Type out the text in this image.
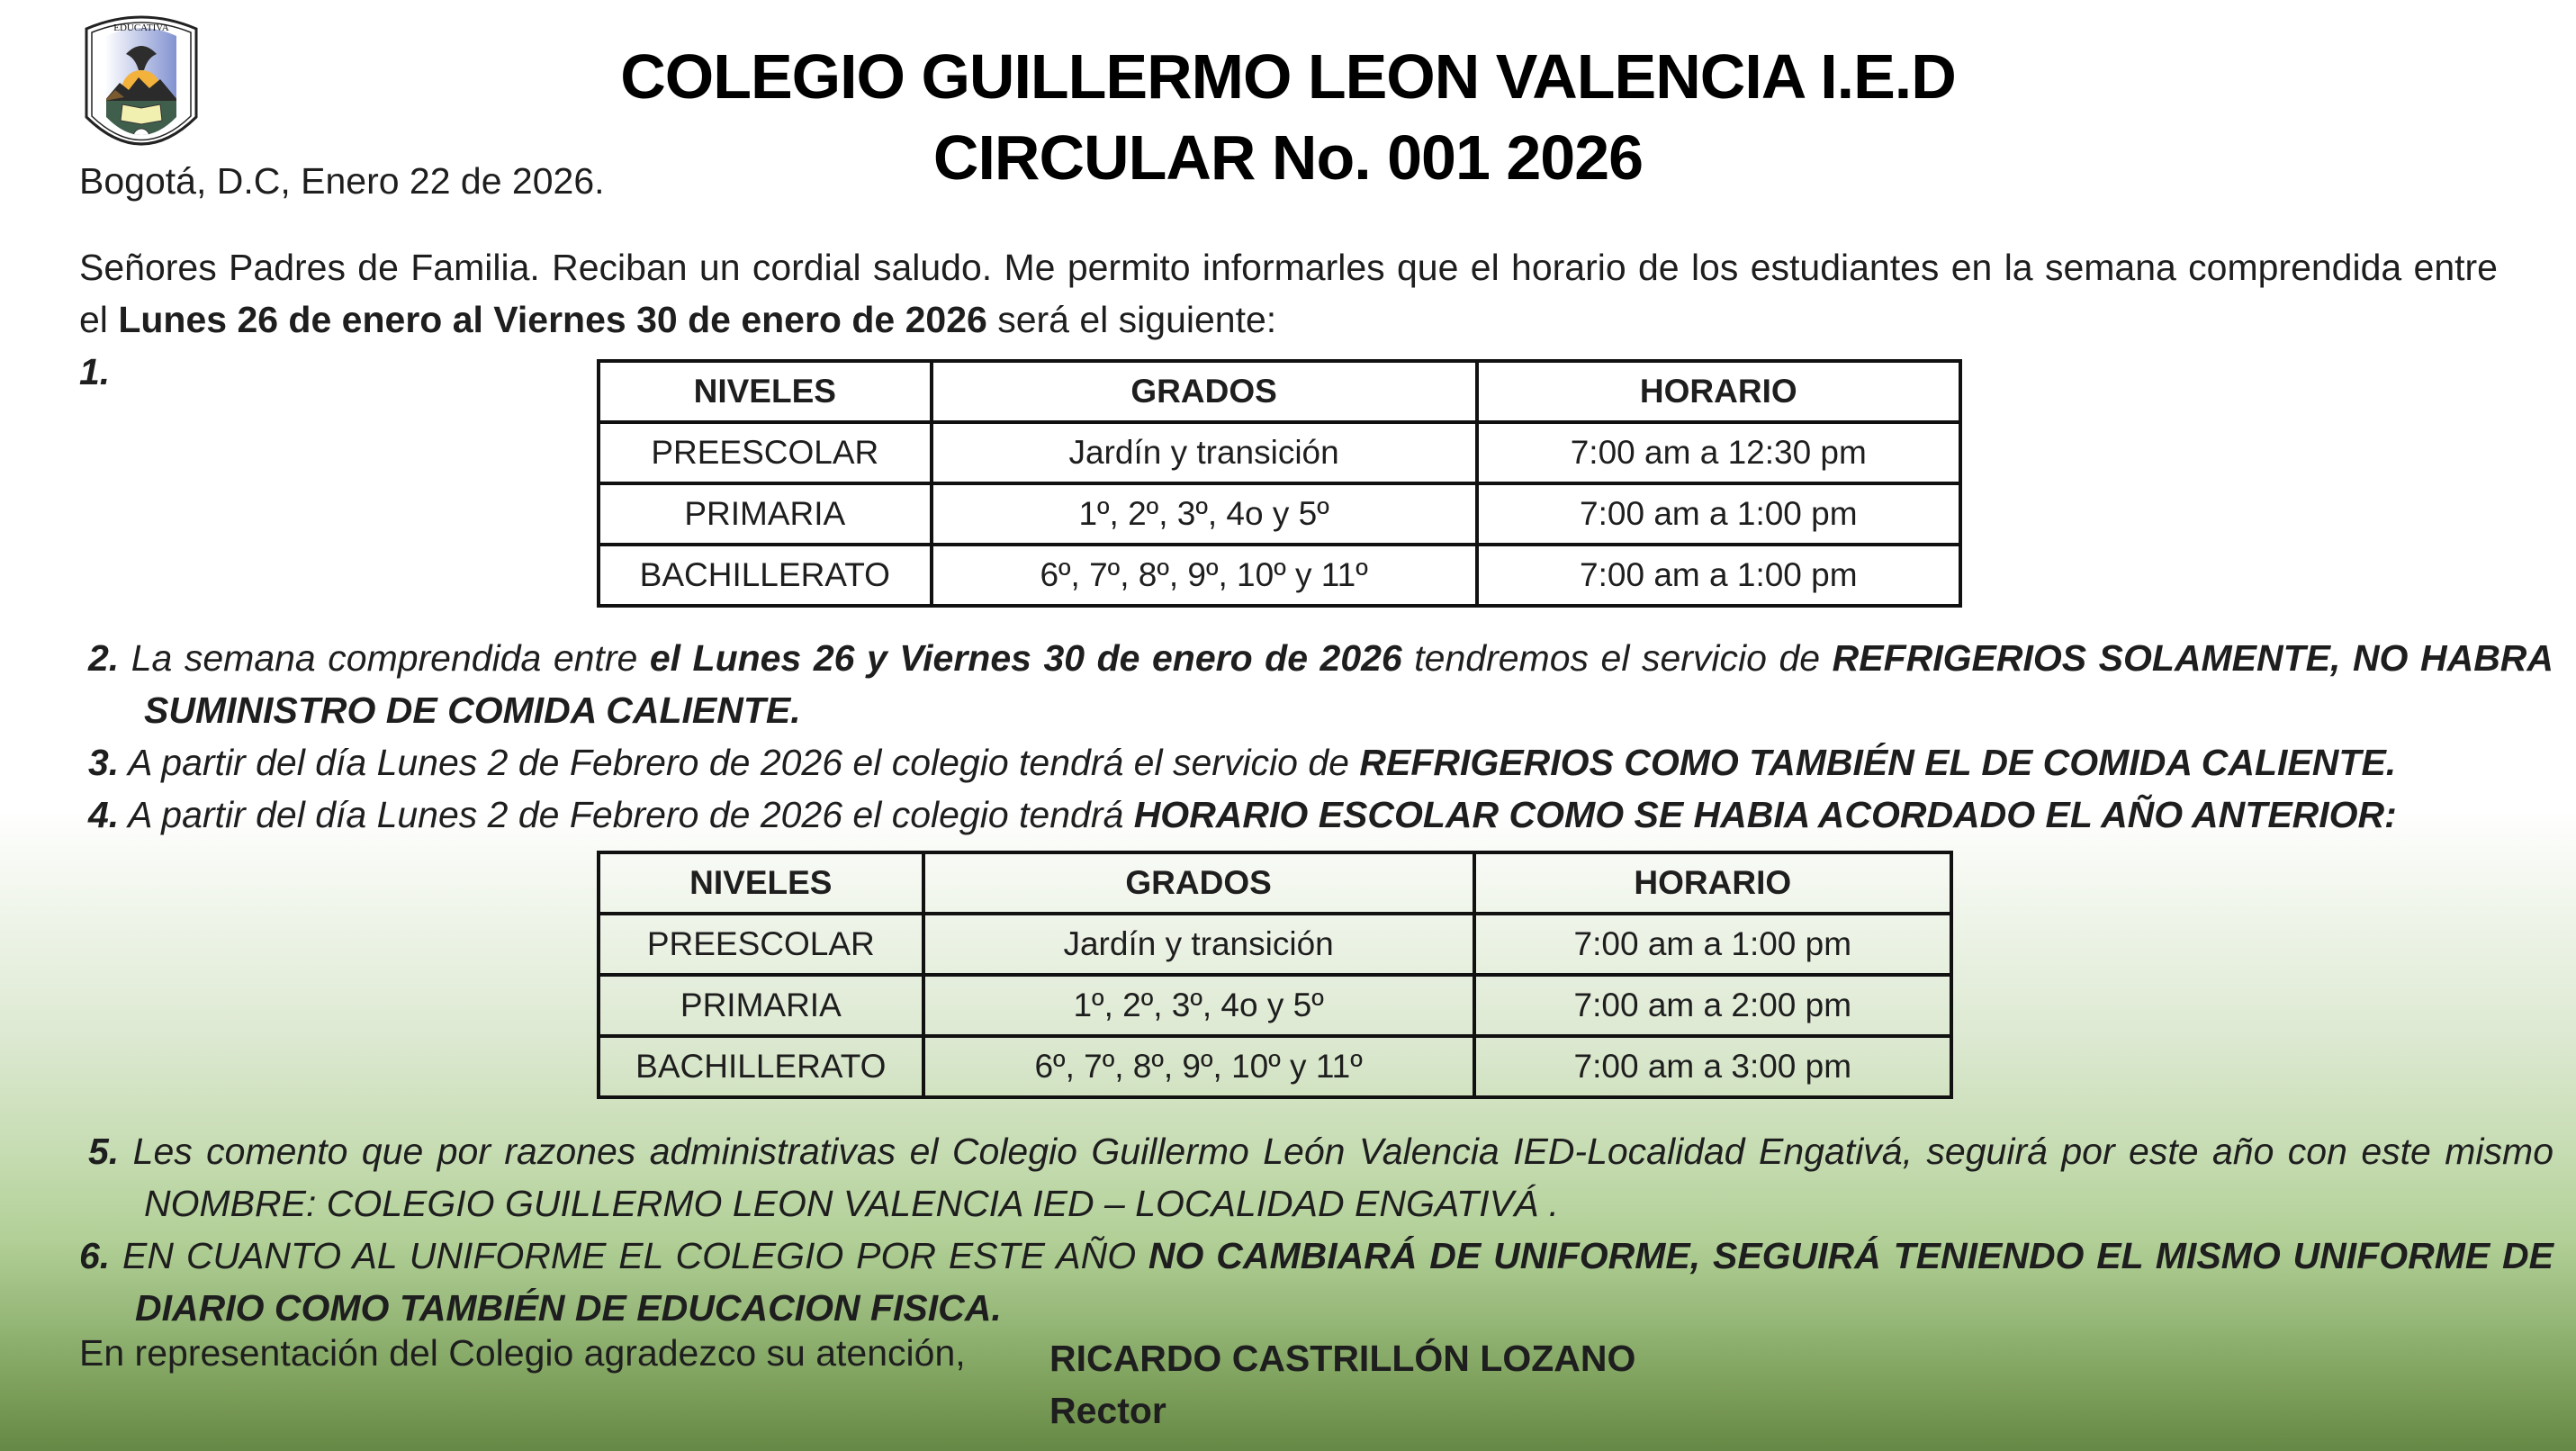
EDUCATIVA
COLEGIO GUILLERMO LEON VALENCIA I.E.D
CIRCULAR No. 001 2026
Bogotá, D.C, Enero 22 de 2026.
Señores Padres de Familia. Reciban un cordial saludo. Me permito informarles que el horario de los estudiantes en la semana comprendida entre el Lunes 26 de enero al Viernes 30 de enero de 2026 será el siguiente:
1.	NIVELES	GRADOS	HORARIO
PREESCOLAR	Jardín y transición	7:00 am a 12:30 pm
PRIMARIA	1º, 2º, 3º, 4o y 5º	7:00 am a 1:00 pm
BACHILLERATO	6º, 7º, 8º, 9º, 10º y 11º	7:00 am a 1:00 pm
2. La semana comprendida entre el Lunes 26 y Viernes 30 de enero de 2026 tendremos el servicio de REFRIGERIOS SOLAMENTE, NO HABRA SUMINISTRO DE COMIDA CALIENTE.
3. A partir del día Lunes 2 de Febrero de 2026 el colegio tendrá el servicio de REFRIGERIOS COMO TAMBIÉN EL DE COMIDA CALIENTE.
4. A partir del día Lunes 2 de Febrero de 2026 el colegio tendrá HORARIO ESCOLAR COMO SE HABIA ACORDADO EL AÑO ANTERIOR:
NIVELES	GRADOS	HORARIO
PREESCOLAR	Jardín y transición	7:00 am a 1:00 pm
PRIMARIA	1º, 2º, 3º, 4o y 5º	7:00 am a 2:00 pm
BACHILLERATO	6º, 7º, 8º, 9º, 10º y 11º	7:00 am a 3:00 pm
5. Les comento que por razones administrativas el Colegio Guillermo León Valencia IED-Localidad Engativá, seguirá por este año con este mismo NOMBRE: COLEGIO GUILLERMO LEON VALENCIA IED – LOCALIDAD ENGATIVÁ .
6. EN CUANTO AL UNIFORME EL COLEGIO POR ESTE AÑO NO CAMBIARÁ DE UNIFORME, SEGUIRÁ TENIENDO EL MISMO UNIFORME DE DIARIO COMO TAMBIÉN DE EDUCACION FISICA.
En representación del Colegio agradezco su atención, RICARDO CASTRILLÓN LOZANO
Rector
